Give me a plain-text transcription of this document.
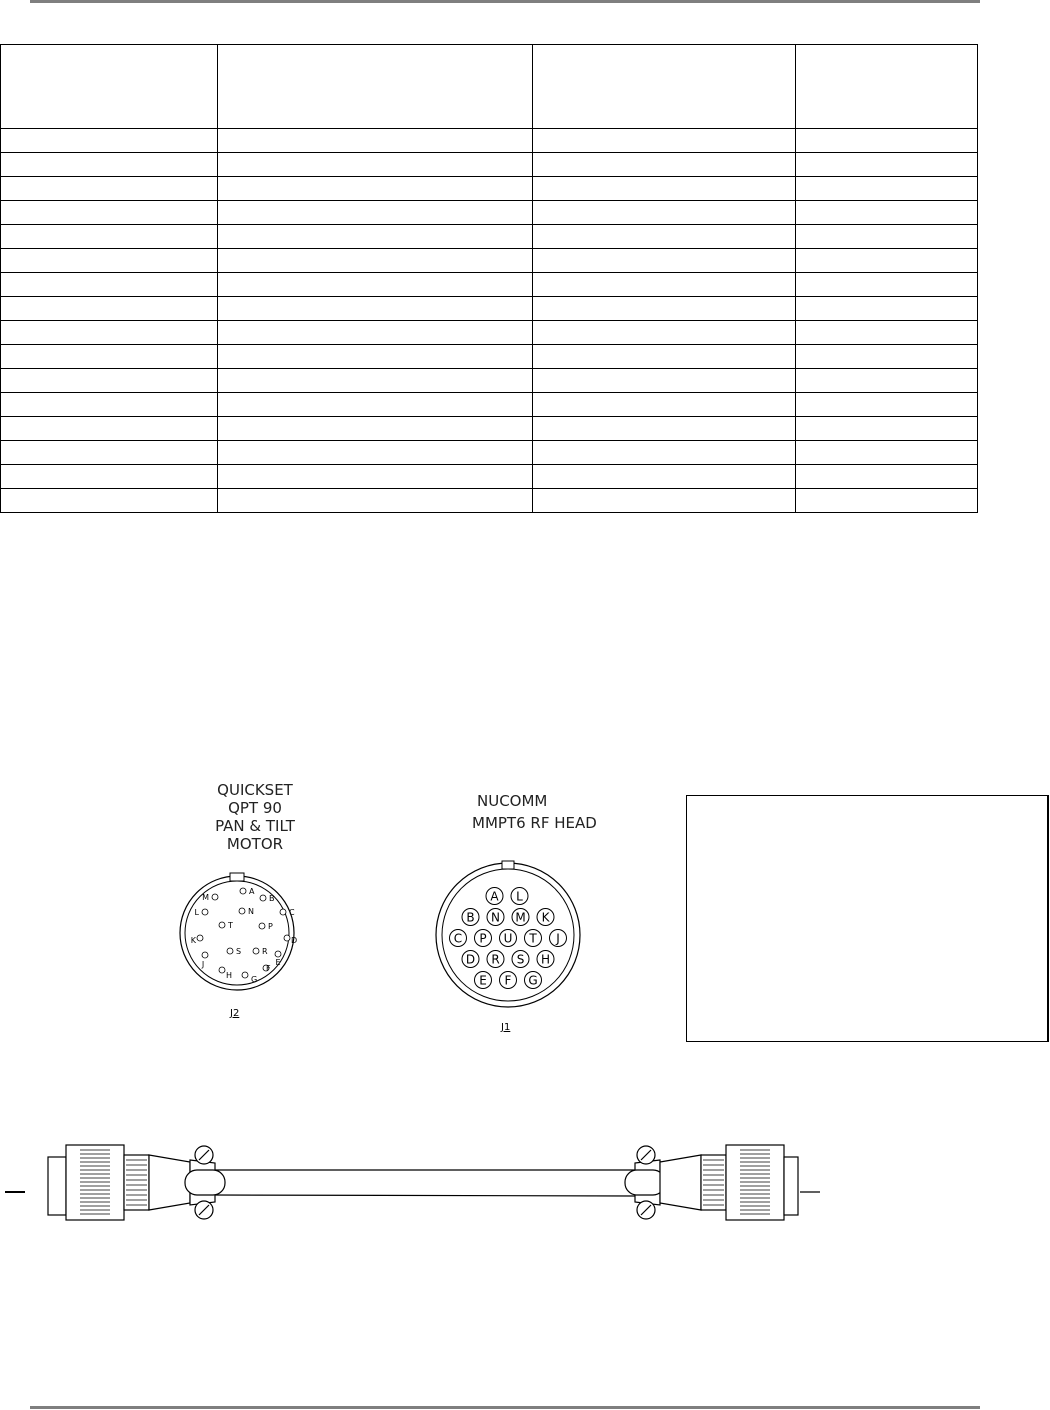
QUICKSET
QPT 90
PAN & TILT
MOTOR
NUCOMM
MMPT6 RF HEAD
J2
J1
A
B
C
D
E
F
G
H
J
K
L
M
N
P
R
S
T
A L
B N M K
C P U T J
D R S H
E F G
